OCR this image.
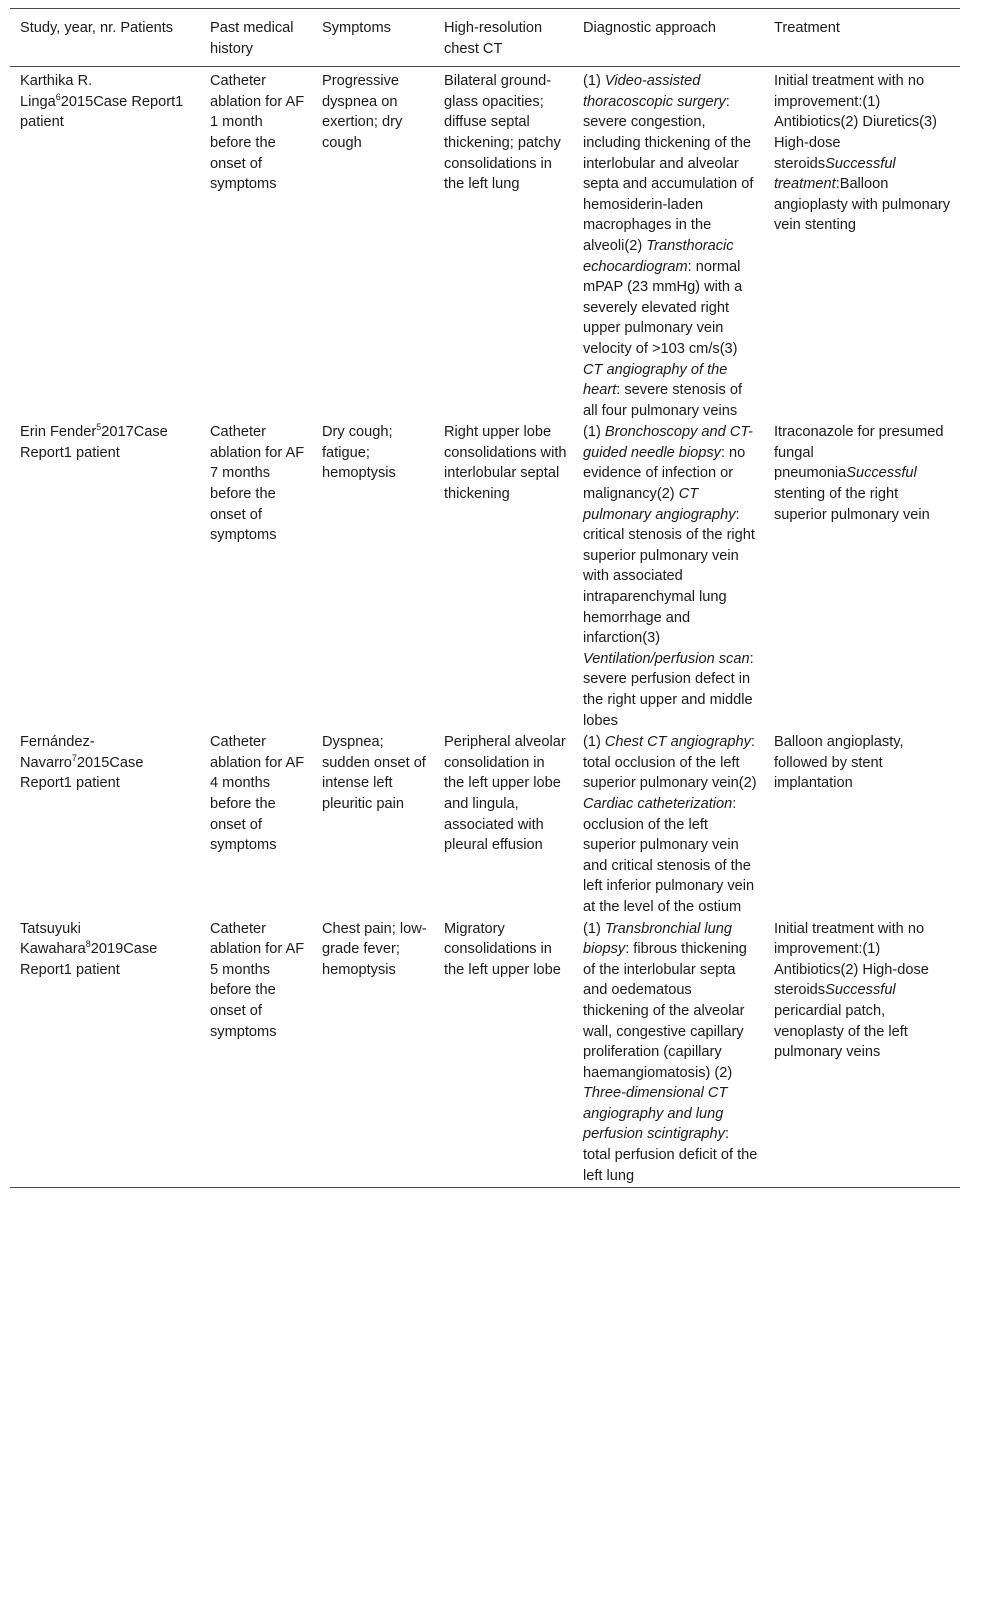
Study, year, nr. Patients	Past medical history	Symptoms	High-resolution chest CT	Diagnostic approach	Treatment
Karthika R. Linga$^6$2015Case Report1 patient	Catheter ablation for AF 1 month before the onset of symptoms	Progressive dyspnea on exertion; dry cough	Bilateral ground-glass opacities; diffuse septal thickening; patchy consolidations in the left lung	(1) Video-assisted thoracoscopic surgery: severe congestion, including thickening of the interlobular and alveolar septa and accumulation of hemosiderin-laden macrophages in the alveoli(2) Transthoracic echocardiogram: normal mPAP (23 mmHg) with a severely elevated right upper pulmonary vein velocity of >103 cm/s(3) CT angiography of the heart: severe stenosis of all four pulmonary veins	Initial treatment with no improvement:(1) Antibiotics(2) Diuretics(3) High-dose steroidsSuccessful treatment:Balloon angioplasty with pulmonary vein stenting
Erin Fender$^5$2017Case Report1 patient	Catheter ablation for AF 7 months before the onset of symptoms	Dry cough; fatigue; hemoptysis	Right upper lobe consolidations with interlobular septal thickening	(1) Bronchoscopy and CT-guided needle biopsy: no evidence of infection or malignancy(2) CT pulmonary angiography: critical stenosis of the right superior pulmonary vein with associated intraparenchymal lung hemorrhage and infarction(3) Ventilation/perfusion scan: severe perfusion defect in the right upper and middle lobes	Itraconazole for presumed fungal pneumoniaSuccessful stenting of the right superior pulmonary vein
Fernández-Navarro$^7$2015Case Report1 patient	Catheter ablation for AF 4 months before the onset of symptoms	Dyspnea; sudden onset of intense left pleuritic pain	Peripheral alveolar consolidation in the left upper lobe and lingula, associated with pleural effusion	(1) Chest CT angiography: total occlusion of the left superior pulmonary vein(2) Cardiac catheterization: occlusion of the left superior pulmonary vein and critical stenosis of the left inferior pulmonary vein at the level of the ostium	Balloon angioplasty, followed by stent implantation
Tatsuyuki Kawahara$^8$2019Case Report1 patient	Catheter ablation for AF 5 months before the onset of symptoms	Chest pain; low-grade fever; hemoptysis	Migratory consolidations in the left upper lobe	(1) Transbronchial lung biopsy: fibrous thickening of the interlobular septa and oedematous thickening of the alveolar wall, congestive capillary proliferation (capillary haemangiomatosis) (2) Three-dimensional CT angiography and lung perfusion scintigraphy: total perfusion deficit of the left lung	Initial treatment with no improvement:(1) Antibiotics(2) High-dose steroidsSuccessful pericardial patch, venoplasty of the left pulmonary veins
